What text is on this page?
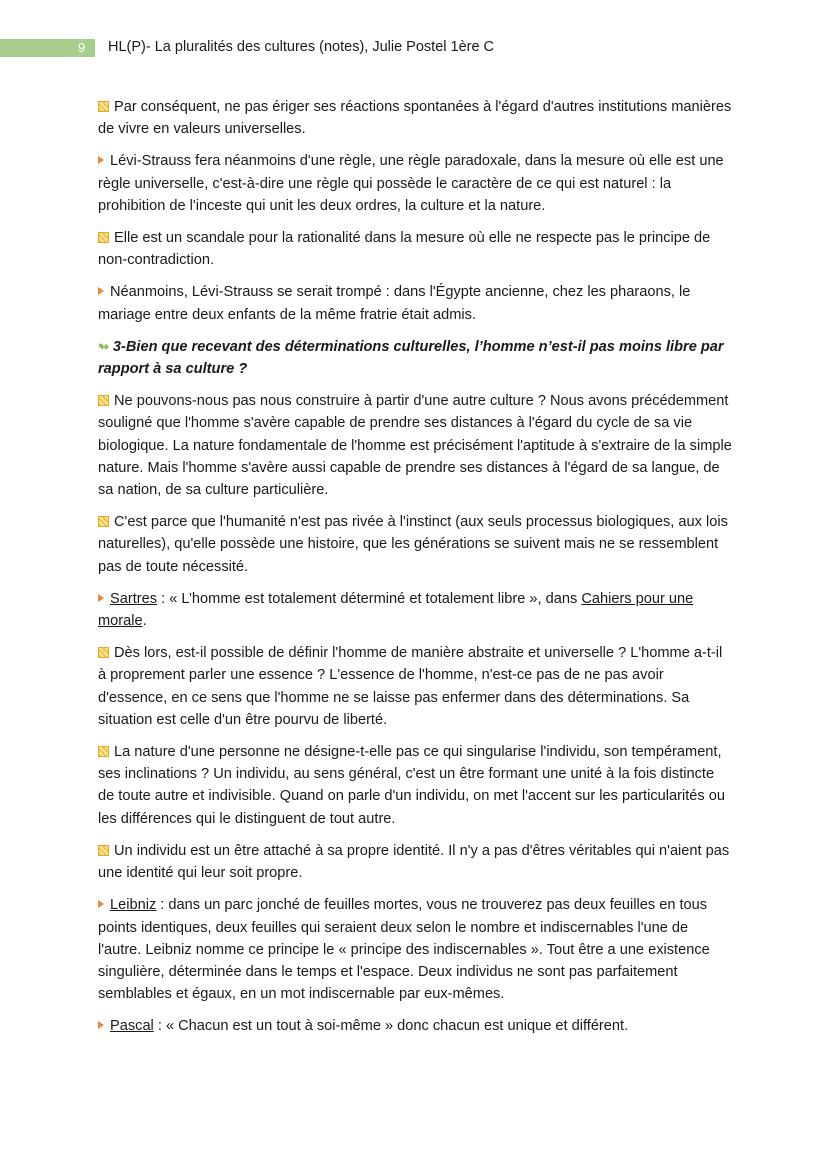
9 HL(P)- La pluralités des cultures (notes), Julie Postel 1ère C

Par conséquent, ne pas ériger ses réactions spontanées à l'égard d'autres institutions manières de vivre en valeurs universelles.

Lévi-Strauss fera néanmoins d'une règle, une règle paradoxale, dans la mesure où elle est une règle universelle, c'est-à-dire une règle qui possède le caractère de ce qui est naturel : la prohibition de l'inceste qui unit les deux ordres, la culture et la nature.

Elle est un scandale pour la rationalité dans la mesure où elle ne respecte pas le principe de non-contradiction.

Néanmoins, Lévi-Strauss se serait trompé : dans l'Égypte ancienne, chez les pharaons, le mariage entre deux enfants de la même fratrie était admis.

↬ 3-Bien que recevant des déterminations culturelles, l’homme n’est-il pas moins libre par rapport à sa culture ?

Ne pouvons-nous pas nous construire à partir d'une autre culture ? Nous avons précédemment souligné que l'homme s'avère capable de prendre ses distances à l'égard du cycle de sa vie biologique. La nature fondamentale de l'homme est précisément l'aptitude à s'extraire de la simple nature. Mais l'homme s'avère aussi capable de prendre ses distances à l'égard de sa langue, de sa nation, de sa culture particulière.

C'est parce que l'humanité n'est pas rivée à l'instinct (aux seuls processus biologiques, aux lois naturelles), qu'elle possède une histoire, que les générations se suivent mais ne se ressemblent pas de toute nécessité.

Sartres : « L’homme est totalement déterminé et totalement libre », dans Cahiers pour une morale.

Dès lors, est-il possible de définir l'homme de manière abstraite et universelle ? L'homme a-t-il à proprement parler une essence ? L'essence de l'homme, n'est-ce pas de ne pas avoir d'essence, en ce sens que l'homme ne se laisse pas enfermer dans des déterminations. Sa situation est celle d'un être pourvu de liberté.

La nature d'une personne ne désigne-t-elle pas ce qui singularise l'individu, son tempérament, ses inclinations ? Un individu, au sens général, c'est un être formant une unité à la fois distincte de toute autre et indivisible. Quand on parle d'un individu, on met l'accent sur les particularités ou les différences qui le distinguent de tout autre.

Un individu est un être attaché à sa propre identité. Il n'y a pas d'êtres véritables qui n'aient pas une identité qui leur soit propre.

Leibniz : dans un parc jonché de feuilles mortes, vous ne trouverez pas deux feuilles en tous points identiques, deux feuilles qui seraient deux selon le nombre et indiscernables l'une de l'autre. Leibniz nomme ce principe le « principe des indiscernables ». Tout être a une existence singulière, déterminée dans le temps et l'espace. Deux individus ne sont pas parfaitement semblables et égaux, en un mot indiscernable par eux-mêmes.

Pascal : « Chacun est un tout à soi-même » donc chacun est unique et différent.
